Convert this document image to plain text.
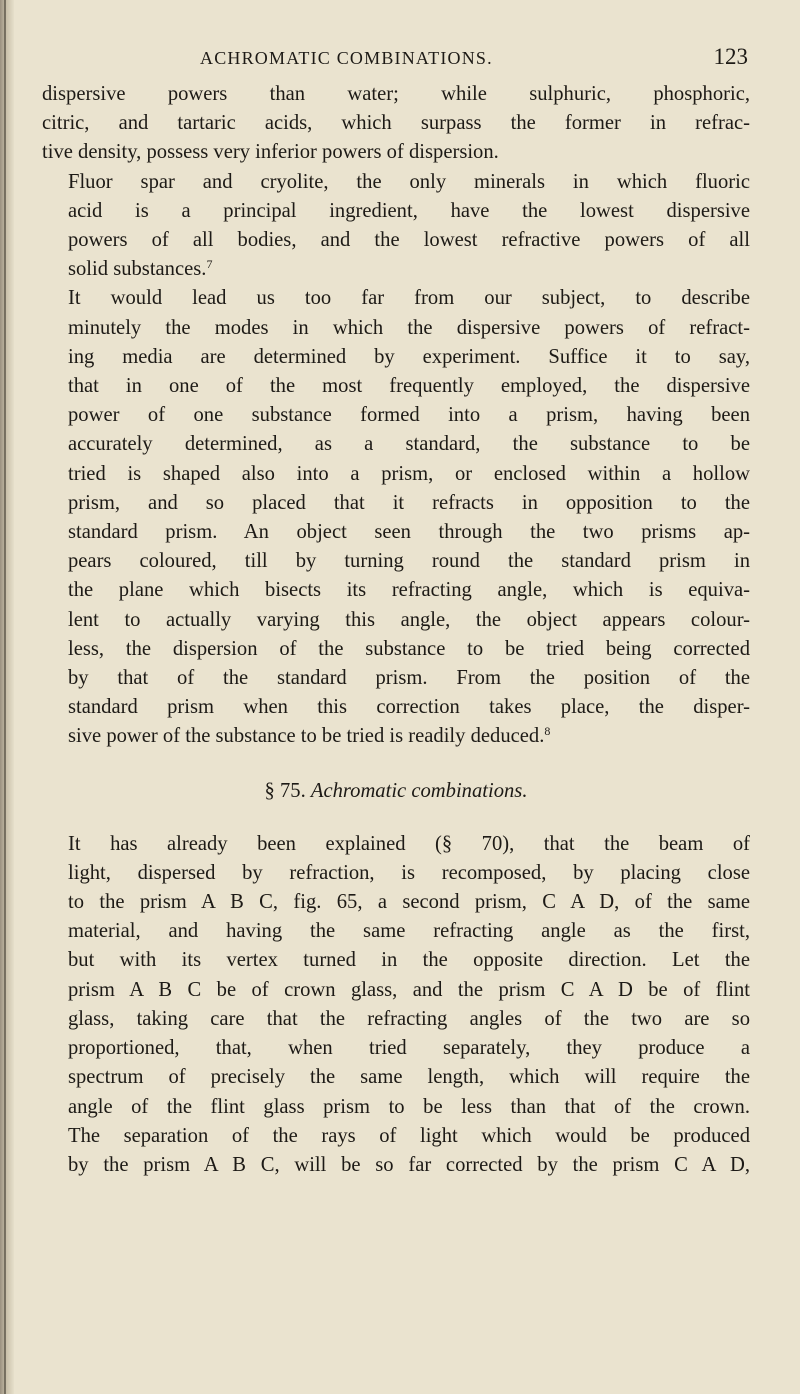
ACHROMATIC COMBINATIONS.	123

dispersive powers than water; while sulphuric, phosphoric,
citric, and tartaric acids, which surpass the former in refrac-
tive density, possess very inferior powers of dispersion.

Fluor spar and cryolite, the only minerals in which fluoric
acid is a principal ingredient, have the lowest dispersive
powers of all bodies, and the lowest refractive powers of all
solid substances.$^7$

It would lead us too far from our subject, to describe
minutely the modes in which the dispersive powers of refract-
ing media are determined by experiment. Suffice it to say,
that in one of the most frequently employed, the dispersive
power of one substance formed into a prism, having been
accurately determined, as a standard, the substance to be
tried is shaped also into a prism, or enclosed within a hollow
prism, and so placed that it refracts in opposition to the
standard prism. An object seen through the two prisms ap-
pears coloured, till by turning round the standard prism in
the plane which bisects its refracting angle, which is equiva-
lent to actually varying this angle, the object appears colour-
less, the dispersion of the substance to be tried being corrected
by that of the standard prism. From the position of the
standard prism when this correction takes place, the disper-
sive power of the substance to be tried is readily deduced.$^8$

§ 75. Achromatic combinations.

It has already been explained (§ 70), that the beam of
light, dispersed by refraction, is recomposed, by placing close
to the prism A B C, fig. 65, a second prism, C A D, of the same
material, and having the same refracting angle as the first,
but with its vertex turned in the opposite direction. Let the
prism A B C be of crown glass, and the prism C A D be of flint
glass, taking care that the refracting angles of the two are so
proportioned, that, when tried separately, they produce a
spectrum of precisely the same length, which will require the
angle of the flint glass prism to be less than that of the crown.
The separation of the rays of light which would be produced
by the prism A B C, will be so far corrected by the prism C A D,
